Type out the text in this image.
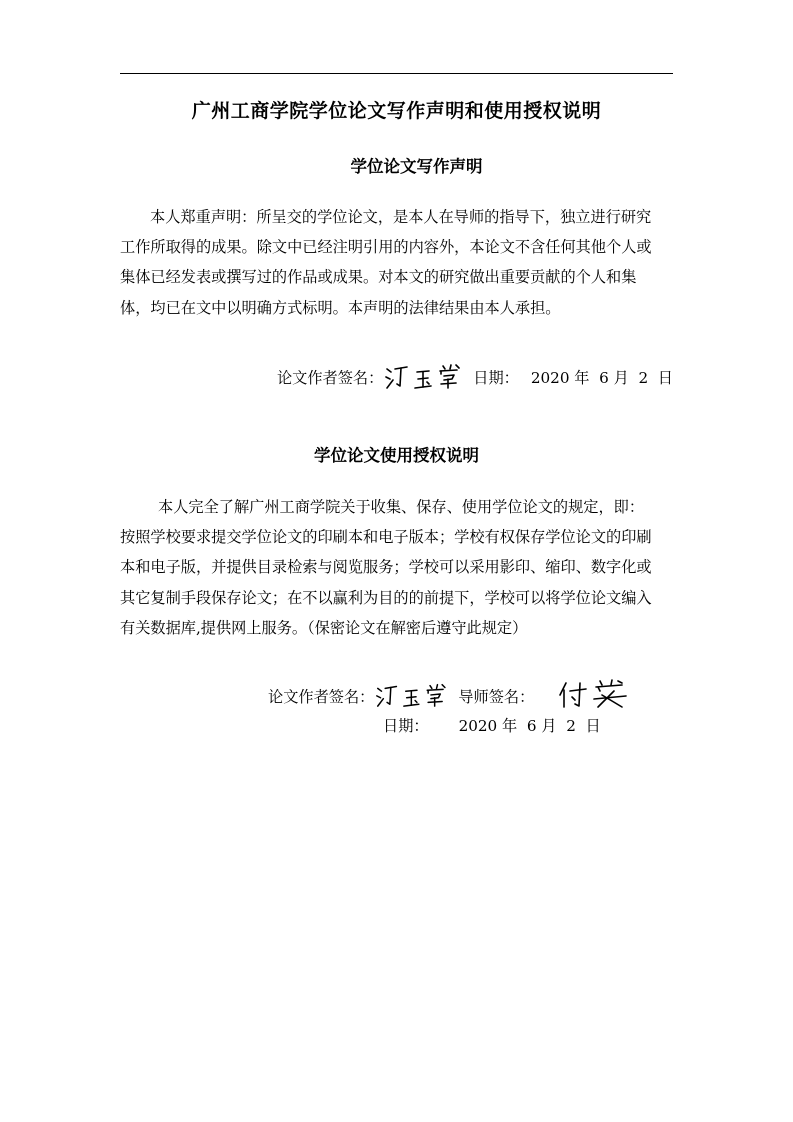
广州工商学院学位论文写作声明和使用授权说明
学位论文写作声明
本人郑重声明：所呈交的学位论文，是本人在导师的指导下，独立进行研究
工作所取得的成果。除文中已经注明引用的内容外，本论文不含任何其他个人或
集体已经发表或撰写过的作品或成果。对本文的研究做出重要贡献的个人和集
体，均已在文中以明确方式标明。本声明的法律结果由本人承担。
论文作者签名：	日期： 2020 年  6 月  2  日
学位论文使用授权说明
本人完全了解广州工商学院关于收集、保存、使用学位论文的规定，即：
按照学校要求提交学位论文的印刷本和电子版本；学校有权保存学位论文的印刷
本和电子版，并提供目录检索与阅览服务；学校可以采用影印、缩印、数字化或
其它复制手段保存论文；在不以赢利为目的的前提下，学校可以将学位论文编入
有关数据库,提供网上服务。（保密论文在解密后遵守此规定）
论文作者签名：	导师签名：
日期： 2020 年  6 月  2  日
